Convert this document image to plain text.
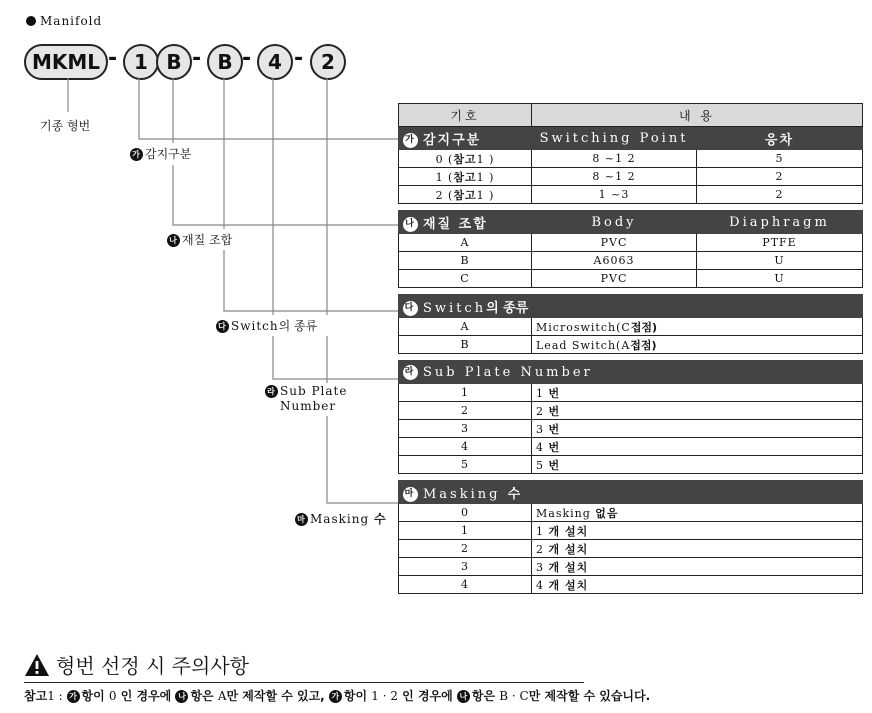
Manifold
MKML - 1 B - B - 4 - 2
기종 형번
가 감지구분
나 재질 조합
다 Switch의 종류
라 Sub Plate
Number
마 Masking 수
기호	내 용	
가 감지구분	Switching Point	응차
0 (참고1 )	8 ~1 2	5
1 (참고1 )	8 ~1 2	2
2 (참고1 )	1 ~3	2

나 재질 조합	Body	Diaphragm
A	PVC	PTFE
B	A6063	U
C	PVC	U

다 Switch의 종류		
A	Microswitch(C접점)	
B	Lead Switch(A접점)	

라 Sub Plate Number		
1	1 번	
2	2 번	
3	3 번	
4	4 번	
5	5 번	

마 Masking 수		
0	Masking 없음	
1	1 개 설치	
2	2 개 설치	
3	3 개 설치	
4	4 개 설치	
형번 선정 시 주의사항
참고1 : 가 항이 0 인 경우에 나 항은 A만 제작할 수 있고, 가 항이 1 · 2 인 경우에 나 항은 B · C만 제작할 수 있습니다.
